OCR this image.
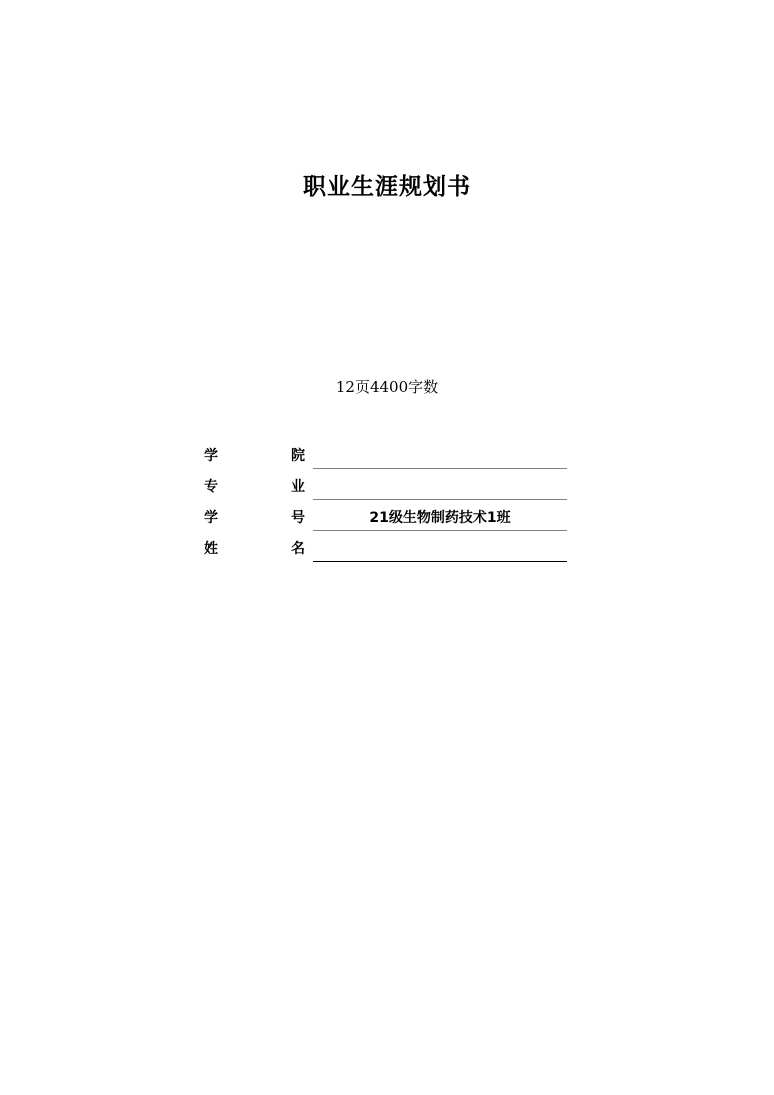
职业生涯规划书
12页4400字数
学	院
专	业
学	号	21级生物制药技术1班
姓	名
